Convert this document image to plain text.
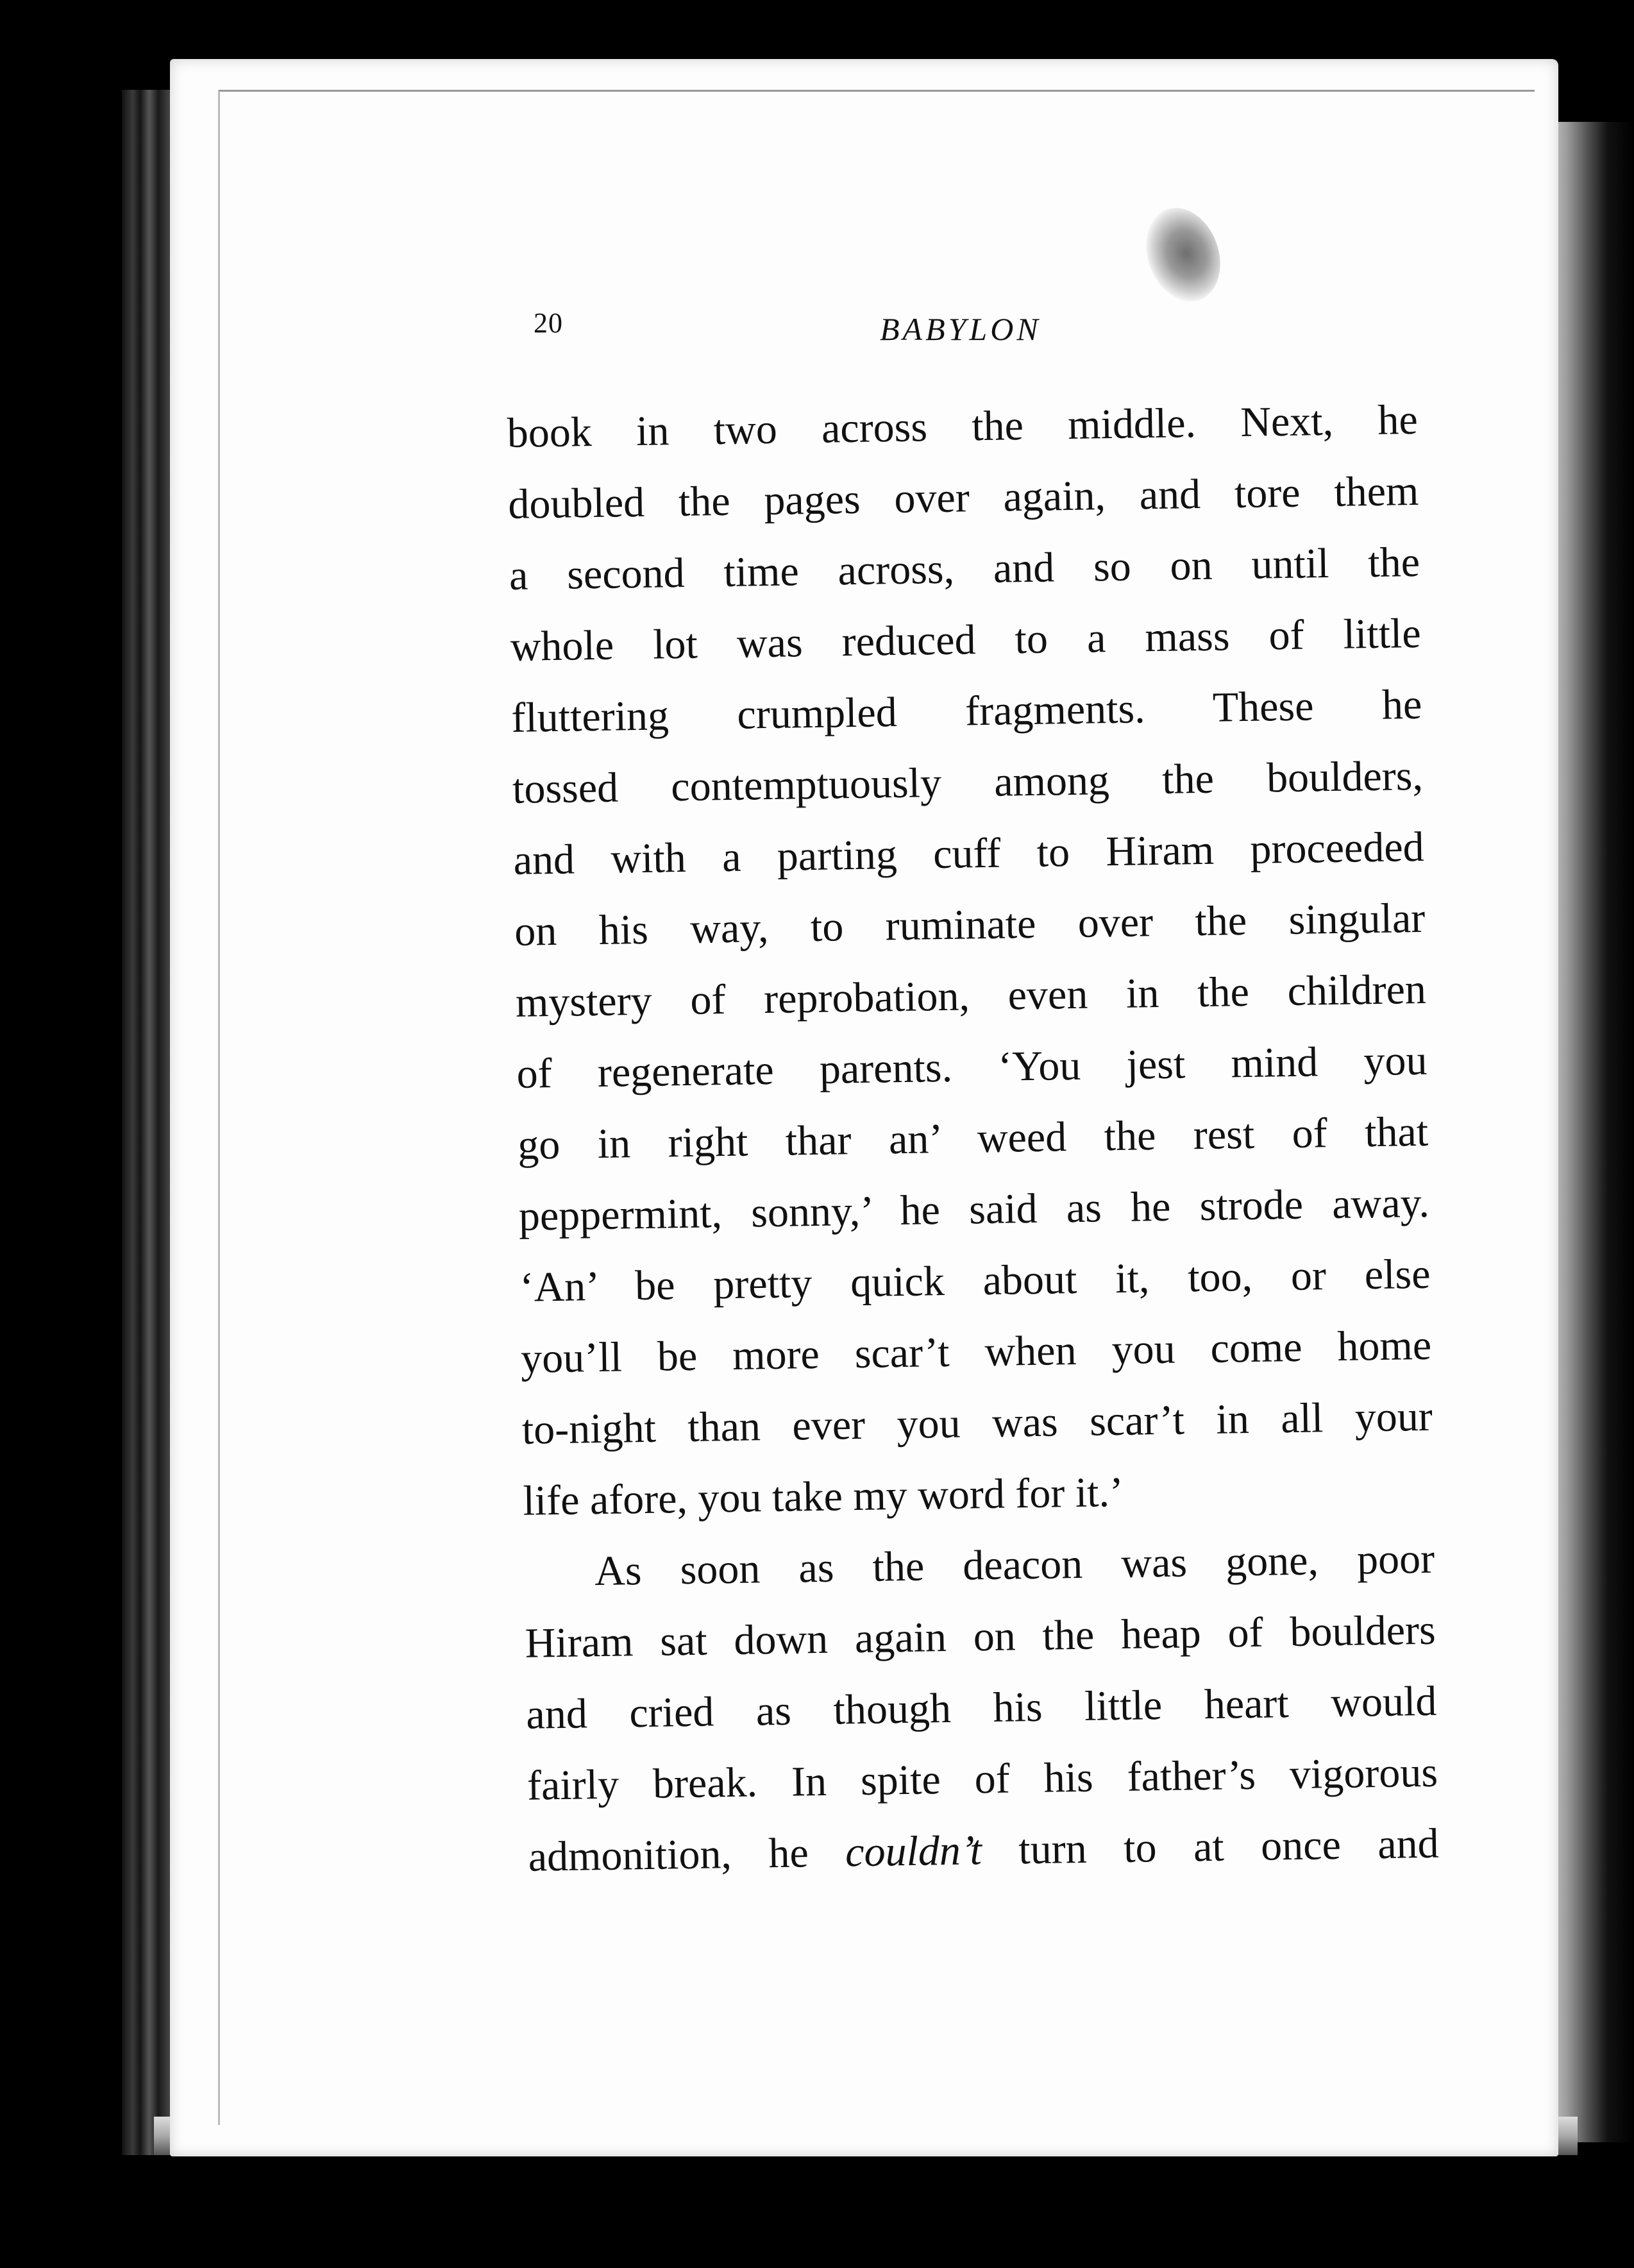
20	BABYLON
book in two across the middle. Next, he
doubled the pages over again, and tore them
a second time across, and so on until the
whole lot was reduced to a mass of little
fluttering crumpled fragments. These he
tossed contemptuously among the boulders,
and with a parting cuff to Hiram proceeded
on his way, to ruminate over the singular
mystery of reprobation, even in the children
of regenerate parents. ‘You jest mind you
go in right thar an’ weed the rest of that
peppermint, sonny,’ he said as he strode away.
‘An’ be pretty quick about it, too, or else
you’ll be more scar’t when you come home
to-night than ever you was scar’t in all your
life afore, you take my word for it.’
As soon as the deacon was gone, poor
Hiram sat down again on the heap of boulders
and cried as though his little heart would
fairly break. In spite of his father’s vigorous
admonition, he couldn’t turn to at once and
